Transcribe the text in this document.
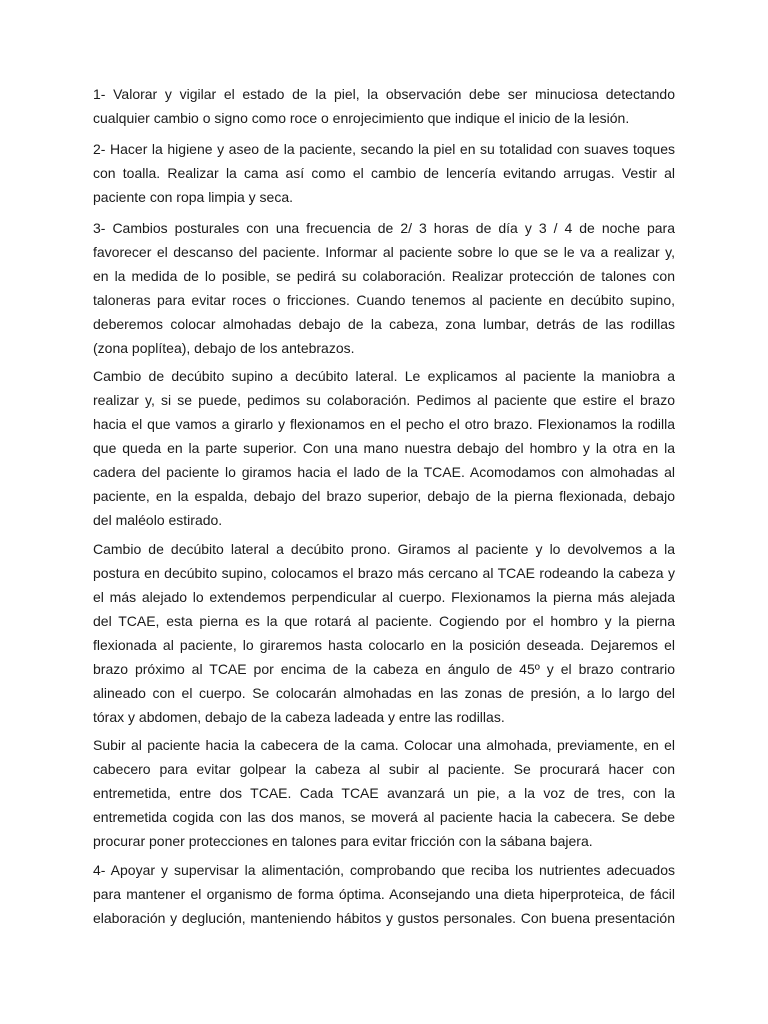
1- Valorar y vigilar el estado de la piel, la observación debe ser minuciosa detectando
cualquier cambio o signo como roce o enrojecimiento que indique el inicio de la lesión.
2- Hacer la higiene y aseo de la paciente, secando la piel en su totalidad con suaves toques
con toalla. Realizar la cama así como el cambio de lencería evitando arrugas. Vestir al
paciente con ropa limpia y seca.
3- Cambios posturales con una frecuencia de 2/ 3 horas de día y 3 / 4 de noche para
favorecer el descanso del paciente. Informar al paciente sobre lo que se le va a realizar y,
en la medida de lo posible, se pedirá su colaboración. Realizar protección de talones con
taloneras para evitar roces o fricciones. Cuando tenemos al paciente en decúbito supino,
deberemos colocar almohadas debajo de la cabeza, zona lumbar, detrás de las rodillas
(zona poplítea), debajo de los antebrazos.
Cambio de decúbito supino a decúbito lateral. Le explicamos al paciente la maniobra a
realizar y, si se puede, pedimos su colaboración. Pedimos al paciente que estire el brazo
hacia el que vamos a girarlo y flexionamos en el pecho el otro brazo. Flexionamos la rodilla
que queda en la parte superior. Con una mano nuestra debajo del hombro y la otra en la
cadera del paciente lo giramos hacia el lado de la TCAE. Acomodamos con almohadas al
paciente, en la espalda, debajo del brazo superior, debajo de la pierna flexionada, debajo
del maléolo estirado.
Cambio de decúbito lateral a decúbito prono. Giramos al paciente y lo devolvemos a la
postura en decúbito supino, colocamos el brazo más cercano al TCAE rodeando la cabeza y
el más alejado lo extendemos perpendicular al cuerpo. Flexionamos la pierna más alejada
del TCAE, esta pierna es la que rotará al paciente. Cogiendo por el hombro y la pierna
flexionada al paciente, lo giraremos hasta colocarlo en la posición deseada. Dejaremos el
brazo próximo al TCAE por encima de la cabeza en ángulo de 45º y el brazo contrario
alineado con el cuerpo. Se colocarán almohadas en las zonas de presión, a lo largo del
tórax y abdomen, debajo de la cabeza ladeada y entre las rodillas.
Subir al paciente hacia la cabecera de la cama. Colocar una almohada, previamente, en el
cabecero para evitar golpear la cabeza al subir al paciente. Se procurará hacer con
entremetida, entre dos TCAE. Cada TCAE avanzará un pie, a la voz de tres, con la
entremetida cogida con las dos manos, se moverá al paciente hacia la cabecera. Se debe
procurar poner protecciones en talones para evitar fricción con la sábana bajera.
4- Apoyar y supervisar la alimentación, comprobando que reciba los nutrientes adecuados
para mantener el organismo de forma óptima. Aconsejando una dieta hiperproteica, de fácil
elaboración y deglución, manteniendo hábitos y gustos personales. Con buena presentación
